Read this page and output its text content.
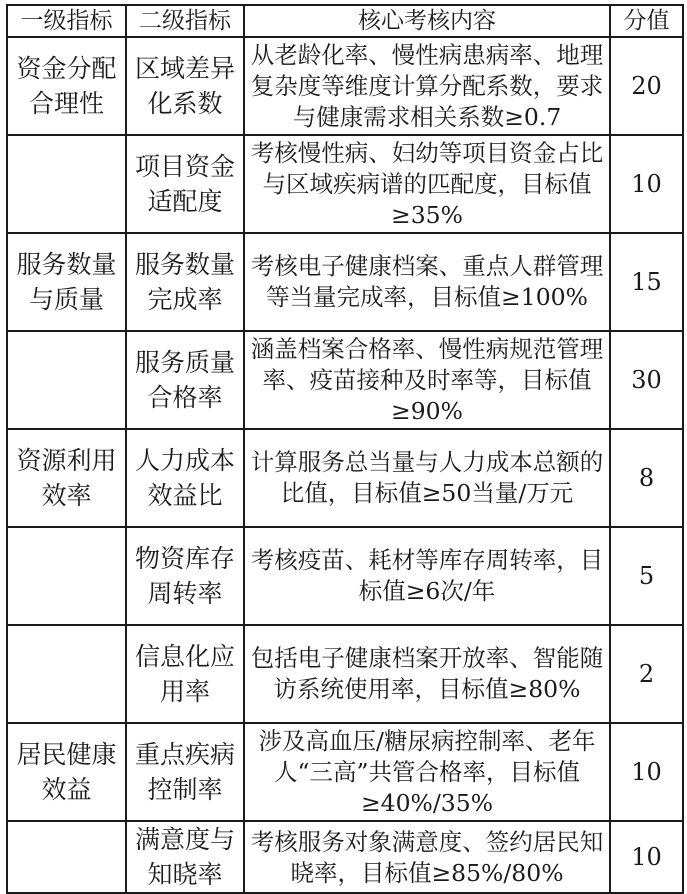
一级指标	二级指标	核心考核内容	分值
资金分配合理性	区域差异化系数	从老龄化率、慢性病患病率、地理复杂度等维度计算分配系数，要求与健康需求相关系数≥0.7	20
	项目资金适配度	考核慢性病、妇幼等项目资金占比与区域疾病谱的匹配度，目标值≥35%	10
服务数量与质量	服务数量完成率	考核电子健康档案、重点人群管理等当量完成率，目标值≥100%	15
	服务质量合格率	涵盖档案合格率、慢性病规范管理率、疫苗接种及时率等，目标值≥90%	30
资源利用效率	人力成本效益比	计算服务总当量与人力成本总额的比值，目标值≥50当量/万元	8
	物资库存周转率	考核疫苗、耗材等库存周转率，目标值≥6次/年	5
	信息化应用率	包括电子健康档案开放率、智能随访系统使用率，目标值≥80%	2
居民健康效益	重点疾病控制率	涉及高血压/糖尿病控制率、老年人“三高”共管合格率，目标值≥40%/35%	10
	满意度与知晓率	考核服务对象满意度、签约居民知晓率，目标值≥85%/80%	10
